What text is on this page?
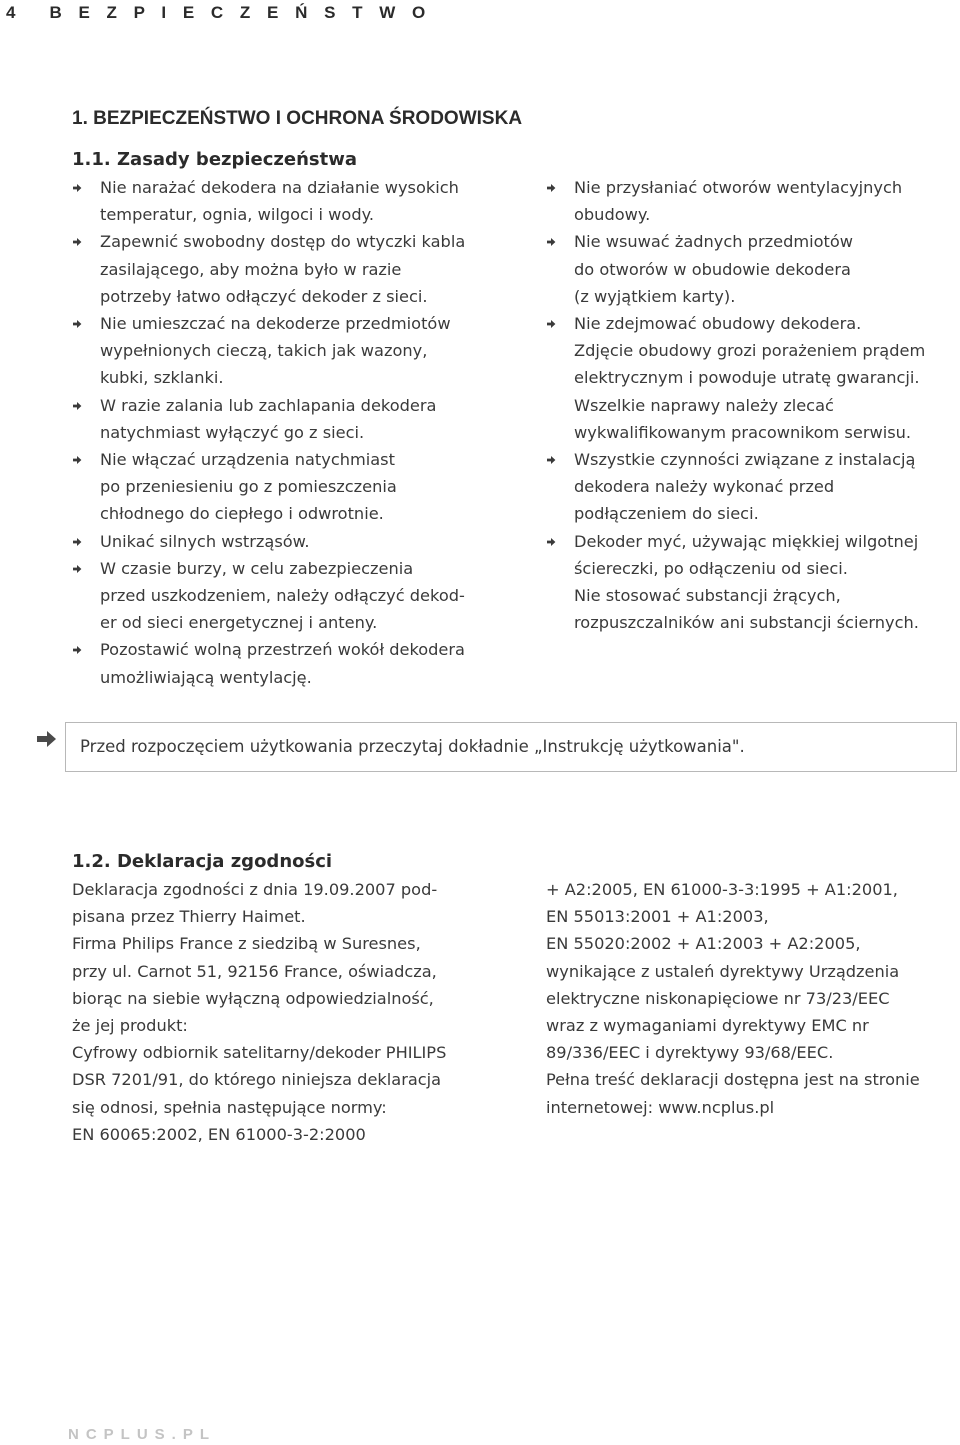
4 B E Z P I E C Z E Ń S T W O
1. BEZPIECZEŃSTWO I OCHRONA ŚRODOWISKA
1.1. Zasady bezpieczeństwa
Nie narażać dekodera na działanie wysokich
temperatur, ognia, wilgoci i wody.
Zapewnić swobodny dostęp do wtyczki kabla
zasilającego, aby można było w razie
potrzeby łatwo odłączyć dekoder z sieci.
Nie umieszczać na dekoderze przedmiotów
wypełnionych cieczą, takich jak wazony,
kubki, szklanki.
W razie zalania lub zachlapania dekodera
natychmiast wyłączyć go z sieci.
Nie włączać urządzenia natychmiast
po przeniesieniu go z pomieszczenia
chłodnego do ciepłego i odwrotnie.
Unikać silnych wstrząsów.
W czasie burzy, w celu zabezpieczenia
przed uszkodzeniem, należy odłączyć dekod-
er od sieci energetycznej i anteny.
Pozostawić wolną przestrzeń wokół dekodera
umożliwiającą wentylację.
Nie przysłaniać otworów wentylacyjnych
obudowy.
Nie wsuwać żadnych przedmiotów
do otworów w obudowie dekodera
(z wyjątkiem karty).
Nie zdejmować obudowy dekodera.
Zdjęcie obudowy grozi porażeniem prądem
elektrycznym i powoduje utratę gwarancji.
Wszelkie naprawy należy zlecać
wykwalifikowanym pracownikom serwisu.
Wszystkie czynności związane z instalacją
dekodera należy wykonać przed
podłączeniem do sieci.
Dekoder myć, używając miękkiej wilgotnej
ściereczki, po odłączeniu od sieci.
Nie stosować substancji żrących,
rozpuszczalników ani substancji ściernych.
Przed rozpoczęciem użytkowania przeczytaj dokładnie „Instrukcję użytkowania".
1.2. Deklaracja zgodności
Deklaracja zgodności z dnia 19.09.2007 pod-
pisana przez Thierry Haimet.
Firma Philips France z siedzibą w Suresnes,
przy ul. Carnot 51, 92156 France, oświadcza,
biorąc na siebie wyłączną odpowiedzialność,
że jej produkt:
Cyfrowy odbiornik satelitarny/dekoder PHILIPS
DSR 7201/91, do którego niniejsza deklaracja
się odnosi, spełnia następujące normy:
EN 60065:2002, EN 61000-3-2:2000
+ A2:2005, EN 61000-3-3:1995 + A1:2001,
EN 55013:2001 + A1:2003,
EN 55020:2002 + A1:2003 + A2:2005,
wynikające z ustaleń dyrektywy Urządzenia
elektryczne niskonapięciowe nr 73/23/EEC
wraz z wymaganiami dyrektywy EMC nr
89/336/EEC i dyrektywy 93/68/EEC.
Pełna treść deklaracji dostępna jest na stronie
internetowej: www.ncplus.pl
NCPLUS.PL
